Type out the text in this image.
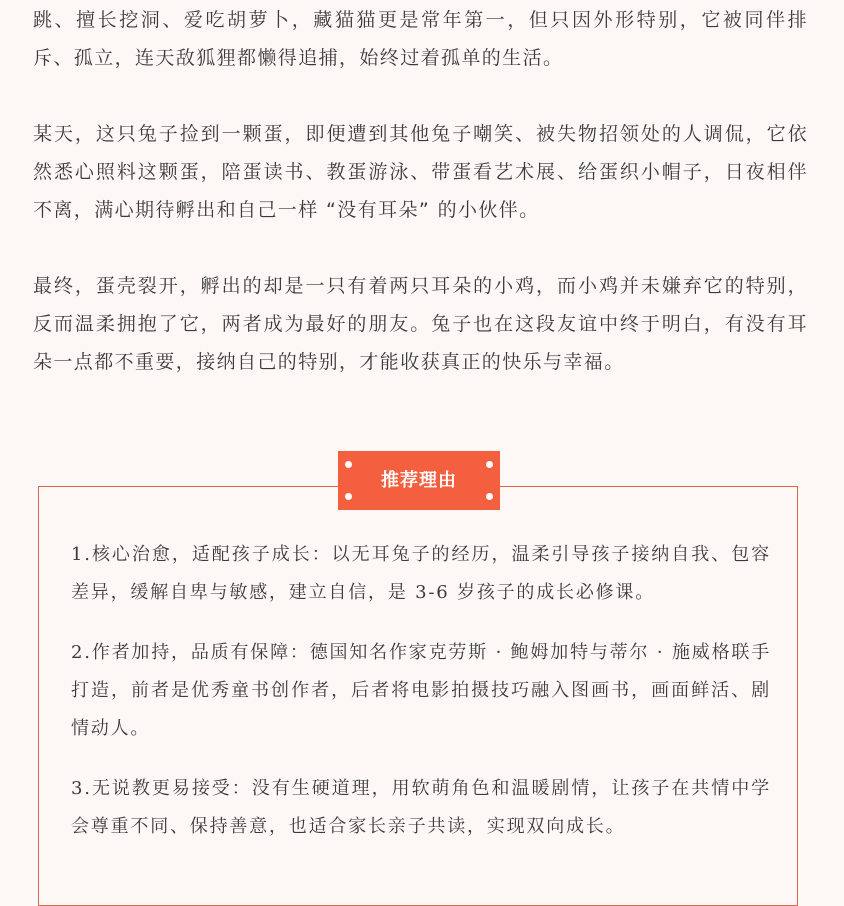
跳、擅长挖洞、爱吃胡萝卜，藏猫猫更是常年第一，但只因外形特别，它被同伴排斥、孤立，连天敌狐狸都懒得追捕，始终过着孤单的生活。

某天，这只兔子捡到一颗蛋，即便遭到其他兔子嘲笑、被失物招领处的人调侃，它依然悉心照料这颗蛋，陪蛋读书、教蛋游泳、带蛋看艺术展、给蛋织小帽子，日夜相伴不离，满心期待孵出和自己一样 “没有耳朵” 的小伙伴。

最终，蛋壳裂开，孵出的却是一只有着两只耳朵的小鸡，而小鸡并未嫌弃它的特别，反而温柔拥抱了它，两者成为最好的朋友。兔子也在这段友谊中终于明白，有没有耳朵一点都不重要，接纳自己的特别，才能收获真正的快乐与幸福。

推荐理由

1.核心治愈，适配孩子成长：以无耳兔子的经历，温柔引导孩子接纳自我、包容差异，缓解自卑与敏感，建立自信，是 3-6 岁孩子的成长必修课。

2.作者加持，品质有保障：德国知名作家克劳斯 · 鲍姆加特与蒂尔 · 施威格联手打造，前者是优秀童书创作者，后者将电影拍摄技巧融入图画书，画面鲜活、剧情动人。

3.无说教更易接受：没有生硬道理，用软萌角色和温暖剧情，让孩子在共情中学会尊重不同、保持善意，也适合家长亲子共读，实现双向成长。
